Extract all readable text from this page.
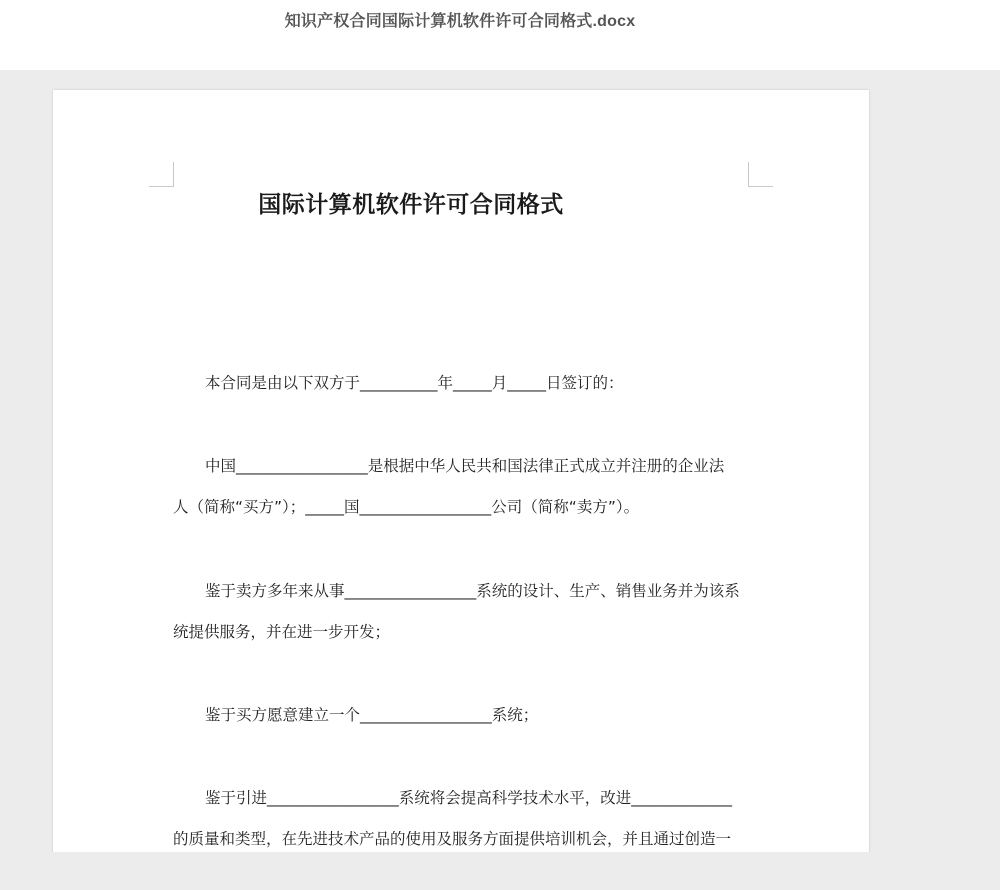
知识产权合同国际计算机软件许可合同格式.docx
国际计算机软件许可合同格式
本合同是由以下双方于__________年_____月_____日签订的：
中国_________________是根据中华人民共和国法律正式成立并注册的企业法
人（简称“买方”）；_____国_________________公司（简称“卖方”）。
鉴于卖方多年来从事_________________系统的设计、生产、销售业务并为该系
统提供服务，并在进一步开发；
鉴于买方愿意建立一个_________________系统；
鉴于引进_________________系统将会提高科学技术水平，改进_____________
的质量和类型，在先进技术产品的使用及服务方面提供培训机会，并且通过创造一
